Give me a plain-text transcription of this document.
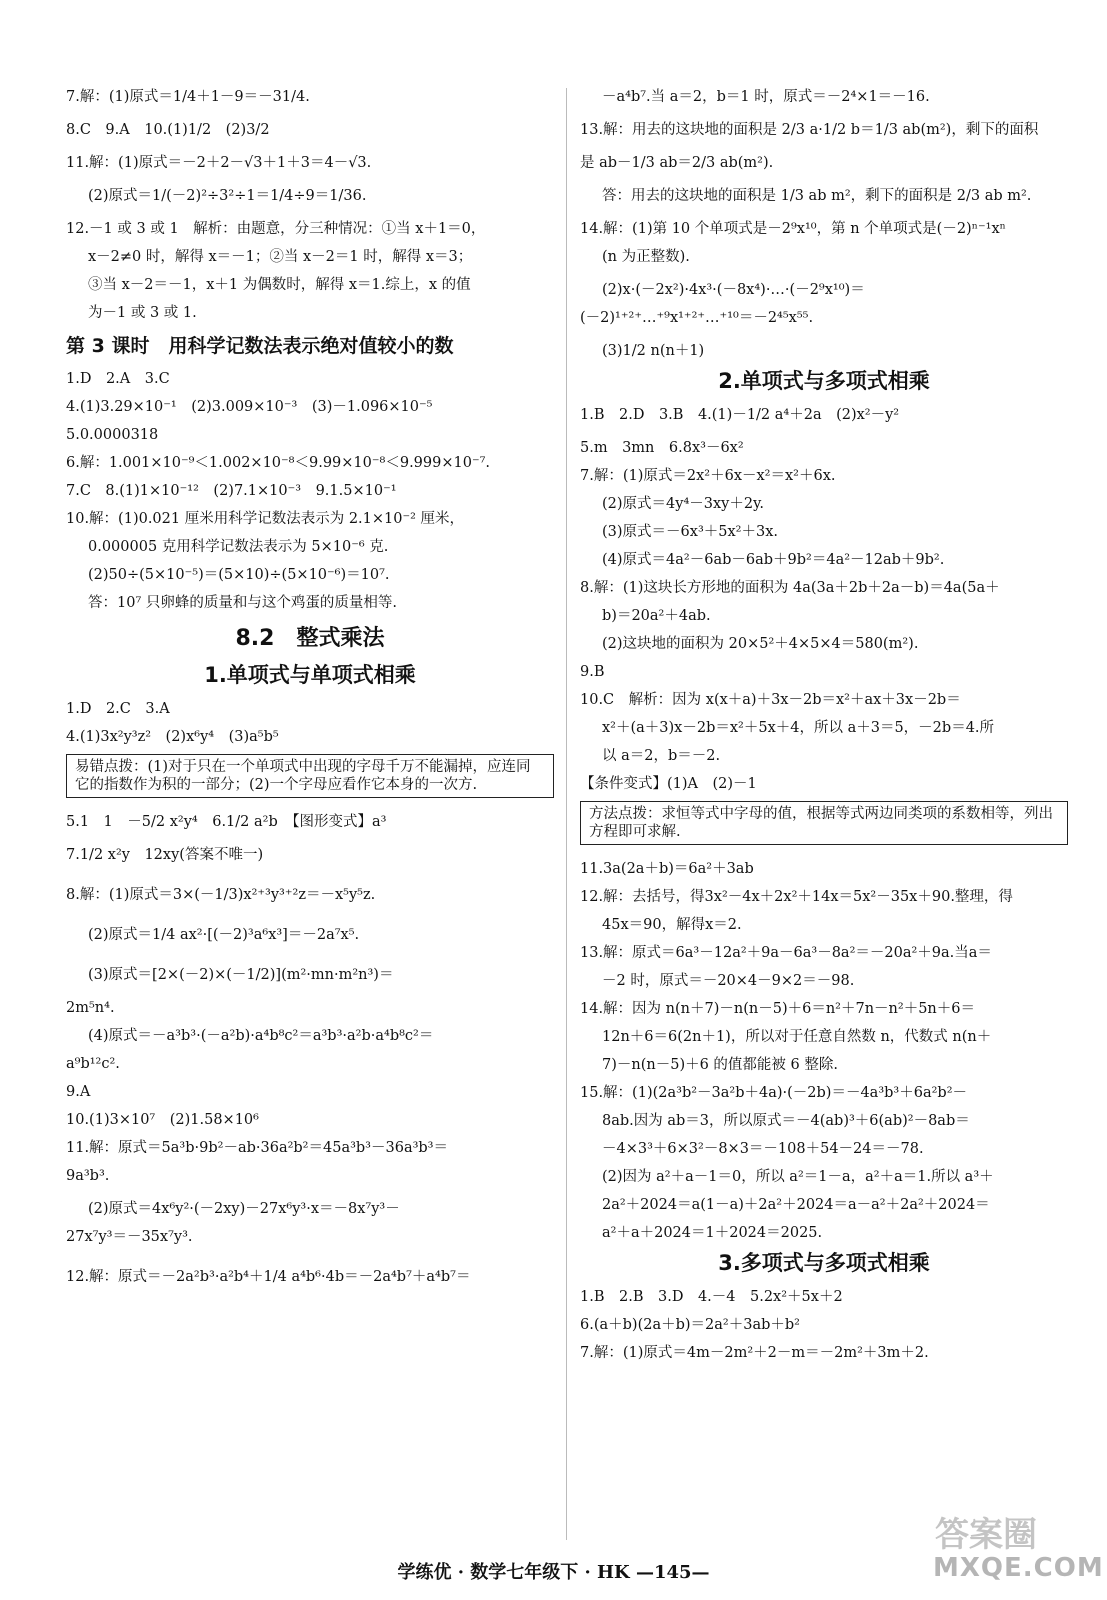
7.解：(1)原式＝1/4＋1－9＝－31/4.
8.C　9.A　10.(1)1/2　(2)3/2
11.解：(1)原式＝－2＋2－√3＋1＋3＝4－√3.
(2)原式＝1/(－2)²÷3²÷1＝1/4÷9＝1/36.
12.－1 或 3 或 1　解析：由题意，分三种情况：①当 x＋1＝0，
x－2≠0 时，解得 x＝－1；②当 x－2＝1 时，解得 x＝3；
③当 x－2＝－1，x＋1 为偶数时，解得 x＝1.综上，x 的值
为－1 或 3 或 1.
第 3 课时　用科学记数法表示绝对值较小的数
1.D　2.A　3.C
4.(1)3.29×10⁻¹　(2)3.009×10⁻³　(3)－1.096×10⁻⁵
5.0.0000318
6.解：1.001×10⁻⁹＜1.002×10⁻⁸＜9.99×10⁻⁸＜9.999×10⁻⁷.
7.C　8.(1)1×10⁻¹²　(2)7.1×10⁻³　9.1.5×10⁻¹
10.解：(1)0.021 厘米用科学记数法表示为 2.1×10⁻² 厘米，
0.000005 克用科学记数法表示为 5×10⁻⁶ 克.
(2)50÷(5×10⁻⁵)＝(5×10)÷(5×10⁻⁶)＝10⁷.
答：10⁷ 只卵蜂的质量和与这个鸡蛋的质量相等.
8.2　整式乘法
1.单项式与单项式相乘
1.D　2.C　3.A
4.(1)3x²y³z²　(2)x⁶y⁴　(3)a⁵b⁵
易错点拨：(1)对于只在一个单项式中出现的字母千万不能漏掉，应连同它的指数作为积的一部分；(2)一个字母应看作它本身的一次方.
5.1　1　－5/2 x²y⁴　6.1/2 a²b　【图形变式】a³
7.1/2 x²y　12xy(答案不唯一)
8.解：(1)原式＝3×(－1/3)x²⁺³y³⁺²z＝－x⁵y⁵z.
(2)原式＝1/4 ax²·[(－2)³a⁶x³]＝－2a⁷x⁵.
(3)原式＝[2×(－2)×(－1/2)](m²·mn·m²n³)＝
2m⁵n⁴.
(4)原式＝－a³b³·(－a²b)·a⁴b⁸c²＝a³b³·a²b·a⁴b⁸c²＝
a⁹b¹²c².
9.A
10.(1)3×10⁷　(2)1.58×10⁶
11.解：原式＝5a³b·9b²－ab·36a²b²＝45a³b³－36a³b³＝
9a³b³.
(2)原式＝4x⁶y²·(－2xy)－27x⁶y³·x＝－8x⁷y³－
27x⁷y³＝－35x⁷y³.
12.解：原式＝－2a²b³·a²b⁴＋1/4 a⁴b⁶·4b＝－2a⁴b⁷＋a⁴b⁷＝
－a⁴b⁷.当 a＝2，b＝1 时，原式＝－2⁴×1＝－16.
13.解：用去的这块地的面积是 2/3 a·1/2 b＝1/3 ab(m²)，剩下的面积
是 ab－1/3 ab＝2/3 ab(m²).
答：用去的这块地的面积是 1/3 ab m²，剩下的面积是 2/3 ab m².
14.解：(1)第 10 个单项式是－2⁹x¹⁰，第 n 个单项式是(－2)ⁿ⁻¹xⁿ
(n 为正整数).
(2)x·(－2x²)·4x³·(－8x⁴)·…·(－2⁹x¹⁰)＝
(－2)¹⁺²⁺…⁺⁹x¹⁺²⁺…⁺¹⁰＝－2⁴⁵x⁵⁵.
(3)1/2 n(n＋1)
2.单项式与多项式相乘
1.B　2.D　3.B　4.(1)－1/2 a⁴＋2a　(2)x²－y²
5.m　3mn　6.8x³－6x²
7.解：(1)原式＝2x²＋6x－x²＝x²＋6x.
(2)原式＝4y⁴－3xy＋2y.
(3)原式＝－6x³＋5x²＋3x.
(4)原式＝4a²－6ab－6ab＋9b²＝4a²－12ab＋9b².
8.解：(1)这块长方形地的面积为 4a(3a＋2b＋2a－b)＝4a(5a＋
b)＝20a²＋4ab.
(2)这块地的面积为 20×5²＋4×5×4＝580(m²).
9.B
10.C　解析：因为 x(x＋a)＋3x－2b＝x²＋ax＋3x－2b＝
x²＋(a＋3)x－2b＝x²＋5x＋4，所以 a＋3＝5，－2b＝4.所
以 a＝2，b＝－2.
【条件变式】(1)A　(2)－1
方法点拨：求恒等式中字母的值，根据等式两边同类项的系数相等，列出方程即可求解.
11.3a(2a＋b)＝6a²＋3ab
12.解：去括号，得3x²－4x＋2x²＋14x＝5x²－35x＋90.整理，得
45x＝90，解得x＝2.
13.解：原式＝6a³－12a²＋9a－6a³－8a²＝－20a²＋9a.当a＝
－2 时，原式＝－20×4－9×2＝－98.
14.解：因为 n(n＋7)－n(n－5)＋6＝n²＋7n－n²＋5n＋6＝
12n＋6＝6(2n＋1)，所以对于任意自然数 n，代数式 n(n＋
7)－n(n－5)＋6 的值都能被 6 整除.
15.解：(1)(2a³b²－3a²b＋4a)·(－2b)＝－4a³b³＋6a²b²－
8ab.因为 ab＝3，所以原式＝－4(ab)³＋6(ab)²－8ab＝
－4×3³＋6×3²－8×3＝－108＋54－24＝－78.
(2)因为 a²＋a－1＝0，所以 a²＝1－a，a²＋a＝1.所以 a³＋
2a²＋2024＝a(1－a)＋2a²＋2024＝a－a²＋2a²＋2024＝
a²＋a＋2024＝1＋2024＝2025.
3.多项式与多项式相乘
1.B　2.B　3.D　4.－4　5.2x²＋5x＋2
6.(a＋b)(2a＋b)＝2a²＋3ab＋b²
7.解：(1)原式＝4m－2m²＋2－m＝－2m²＋3m＋2.
学练优 · 数学七年级下 · HK —145—
答案圈
MXQE.COM
